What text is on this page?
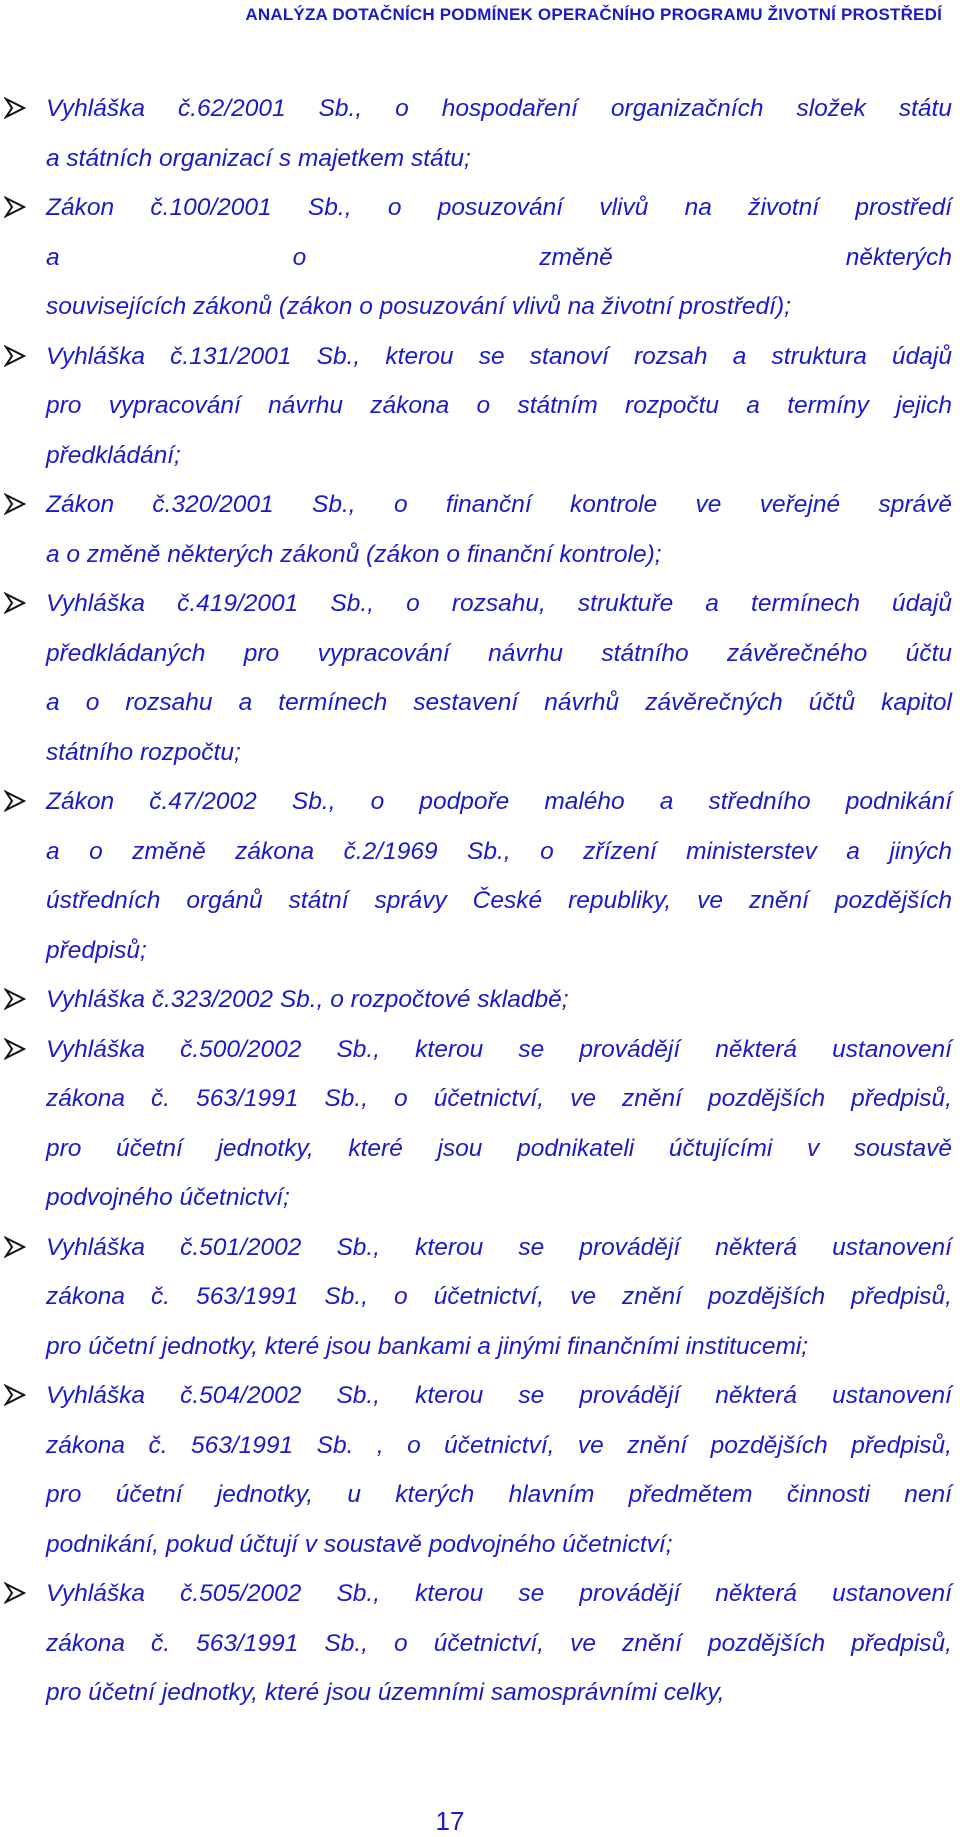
ANALÝZA DOTAČNÍCH PODMÍNEK OPERAČNÍHO PROGRAMU ŽIVOTNÍ PROSTŘEDÍ
Vyhláška č.62/2001 Sb., o hospodaření organizačních složek státu
a státních organizací s majetkem státu;
Zákon č.100/2001 Sb., o posuzování vlivů na životní prostředí
a o změně některých
souvisejících zákonů (zákon o posuzování vlivů na životní prostředí);
Vyhláška č.131/2001 Sb., kterou se stanoví rozsah a struktura údajů
pro vypracování návrhu zákona o státním rozpočtu a termíny jejich
předkládání;
Zákon č.320/2001 Sb., o finanční kontrole ve veřejné správě
a o změně některých zákonů (zákon o finanční kontrole);
Vyhláška č.419/2001 Sb., o rozsahu, struktuře a termínech údajů
předkládaných pro vypracování návrhu státního závěrečného účtu
a o rozsahu a termínech sestavení návrhů závěrečných účtů kapitol
státního rozpočtu;
Zákon č.47/2002 Sb., o podpoře malého a středního podnikání
a o změně zákona č.2/1969 Sb., o zřízení ministerstev a jiných
ústředních orgánů státní správy České republiky, ve znění pozdějších
předpisů;
Vyhláška č.323/2002 Sb., o rozpočtové skladbě;
Vyhláška č.500/2002 Sb., kterou se provádějí některá ustanovení
zákona č. 563/1991 Sb., o účetnictví, ve znění pozdějších předpisů,
pro účetní jednotky, které jsou podnikateli účtujícími v soustavě
podvojného účetnictví;
Vyhláška č.501/2002 Sb., kterou se provádějí některá ustanovení
zákona č. 563/1991 Sb., o účetnictví, ve znění pozdějších předpisů,
pro účetní jednotky, které jsou bankami a jinými finančními institucemi;
Vyhláška č.504/2002 Sb., kterou se provádějí některá ustanovení
zákona č. 563/1991 Sb. , o účetnictví, ve znění pozdějších předpisů,
pro účetní jednotky, u kterých hlavním předmětem činnosti není
podnikání, pokud účtují v soustavě podvojného účetnictví;
Vyhláška č.505/2002 Sb., kterou se provádějí některá ustanovení
zákona č. 563/1991 Sb., o účetnictví, ve znění pozdějších předpisů,
pro účetní jednotky, které jsou územními samosprávními celky,
17
